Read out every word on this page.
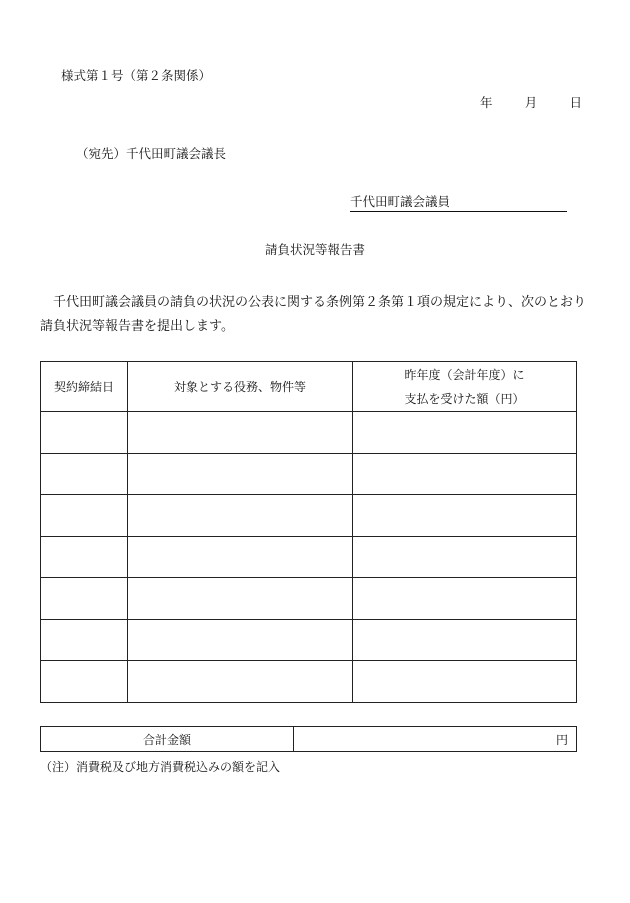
様式第１号（第２条関係）
年	月	日
（宛先）千代田町議会議長
千代田町議会議員
請負状況等報告書
千代田町議会議員の請負の状況の公表に関する条例第２条第１項の規定により、次のとおり請負状況等報告書を提出します。
契約締結日	対象とする役務、物件等	昨年度（会計年度）に
支払を受けた額（円）

合計金額	円
（注）消費税及び地方消費税込みの額を記入
